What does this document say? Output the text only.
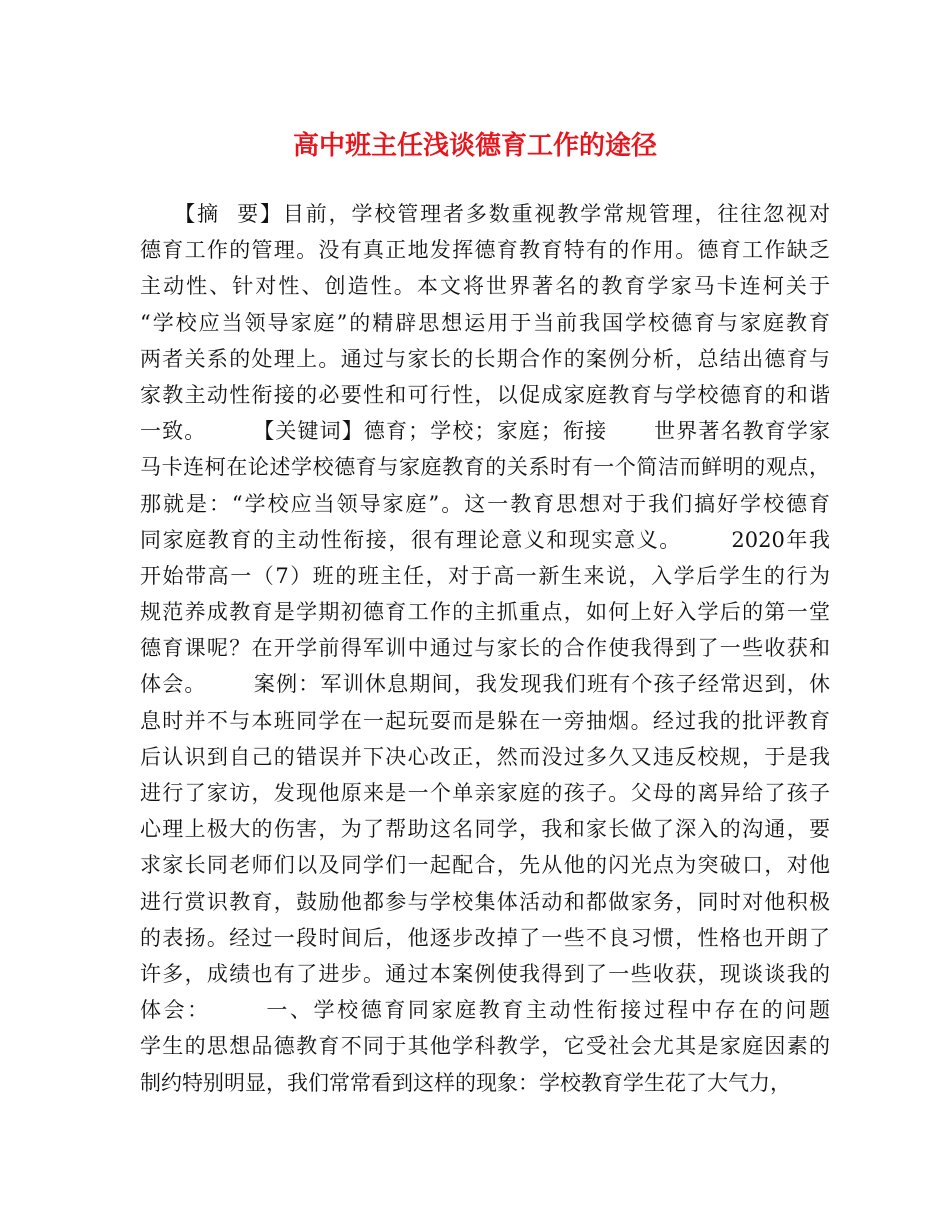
高中班主任浅谈德育工作的途径
【摘  要】目前，学校管理者多数重视教学常规管理，往往忽视对
德育工作的管理。没有真正地发挥德育教育特有的作用。德育工作缺乏
主动性、针对性、创造性。本文将世界著名的教育学家马卡连柯关于
“学校应当领导家庭”的精辟思想运用于当前我国学校德育与家庭教育
两者关系的处理上。通过与家长的长期合作的案例分析，总结出德育与
家教主动性衔接的必要性和可行性，以促成家庭教育与学校德育的和谐
一致。      【关键词】德育；学校；家庭；衔接      世界著名教育学家
马卡连柯在论述学校德育与家庭教育的关系时有一个简洁而鲜明的观点，
那就是：“学校应当领导家庭”。这一教育思想对于我们搞好学校德育
同家庭教育的主动性衔接，很有理论意义和现实意义。      2020年我
开始带高一（7）班的班主任，对于高一新生来说，入学后学生的行为
规范养成教育是学期初德育工作的主抓重点，如何上好入学后的第一堂
德育课呢？在开学前得军训中通过与家长的合作使我得到了一些收获和
体会。      案例：军训休息期间，我发现我们班有个孩子经常迟到，休
息时并不与本班同学在一起玩耍而是躲在一旁抽烟。经过我的批评教育
后认识到自己的错误并下决心改正，然而没过多久又违反校规，于是我
进行了家访，发现他原来是一个单亲家庭的孩子。父母的离异给了孩子
心理上极大的伤害，为了帮助这名同学，我和家长做了深入的沟通，要
求家长同老师们以及同学们一起配合，先从他的闪光点为突破口，对他
进行赏识教育，鼓励他都参与学校集体活动和都做家务，同时对他积极
的表扬。经过一段时间后，他逐步改掉了一些不良习惯，性格也开朗了
许多，成绩也有了进步。通过本案例使我得到了一些收获，现谈谈我的
体会：      一、学校德育同家庭教育主动性衔接过程中存在的问题
学生的思想品德教育不同于其他学科教学，它受社会尤其是家庭因素的
制约特别明显，我们常常看到这样的现象：学校教育学生花了大气力，
